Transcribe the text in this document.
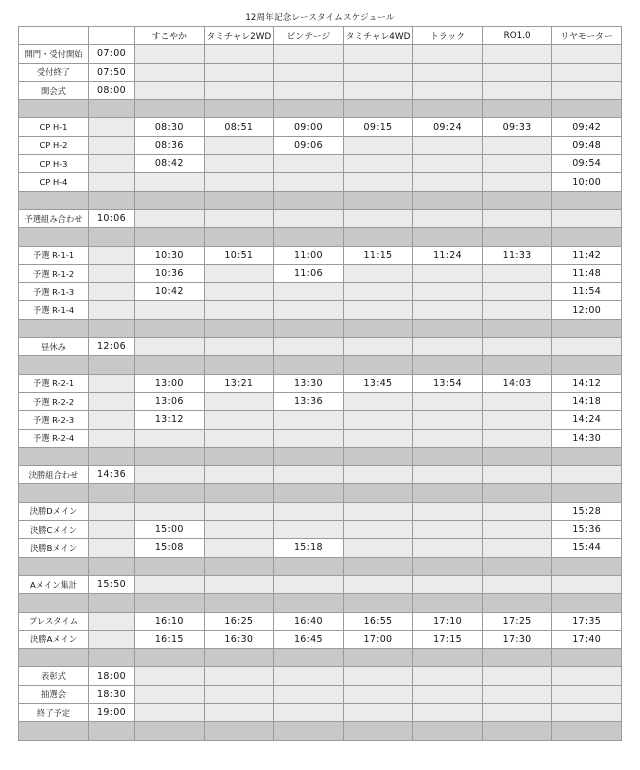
12周年記念レースタイムスケジュール
		すこやか	タミチャレ2WD	ビンテージ	タミチャレ4WD	トラック	RO1.0	リヤモーター
開門・受付開始	07:00							
受付終了	07:50							
開会式	08:00							

CP H-1		08:30	08:51	09:00	09:15	09:24	09:33	09:42
CP H-2		08:36		09:06				09:48
CP H-3		08:42						09:54
CP H-4								10:00

予選組み合わせ	10:06							

予選 R-1-1		10:30	10:51	11:00	11:15	11:24	11:33	11:42
予選 R-1-2		10:36		11:06				11:48
予選 R-1-3		10:42						11:54
予選 R-1-4								12:00

昼休み	12:06							

予選 R-2-1		13:00	13:21	13:30	13:45	13:54	14:03	14:12
予選 R-2-2		13:06		13:36				14:18
予選 R-2-3		13:12						14:24
予選 R-2-4								14:30

決勝組合わせ	14:36							

決勝Dメイン								15:28
決勝Cメイン		15:00						15:36
決勝Bメイン		15:08		15:18				15:44

Aメイン集計	15:50							

プレスタイム		16:10	16:25	16:40	16:55	17:10	17:25	17:35
決勝Aメイン		16:15	16:30	16:45	17:00	17:15	17:30	17:40

表彰式	18:00							
抽選会	18:30							
終了予定	19:00							
